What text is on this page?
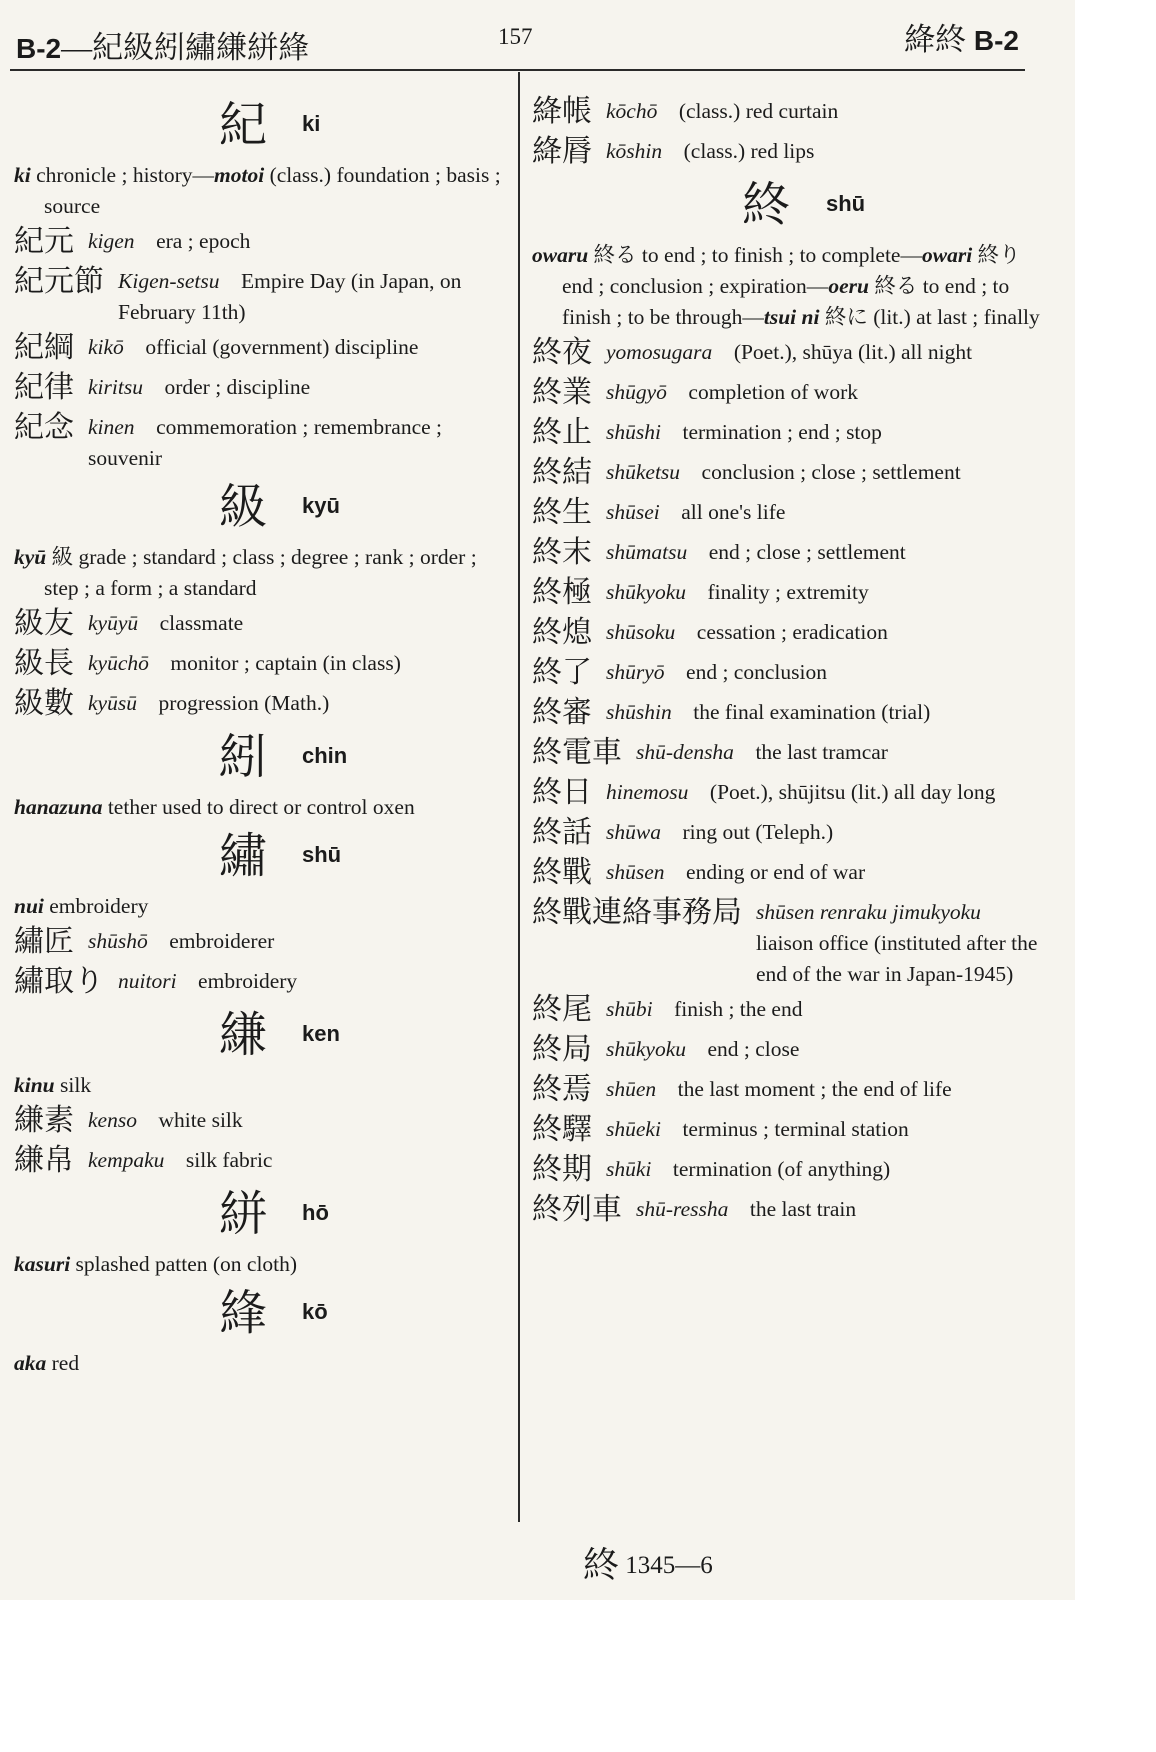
B-2—紀級紖繡縑絣綘	157	絳終 B-2
紀 ki
ki chronicle ; history—motoi (class.) foundation ; basis ; source
紀元 kigen  era ; epoch
紀元節 Kigen-setsu  Empire Day (in Japan, on February 11th)
紀綱 kikō  official (government) discipline
紀律 kiritsu  order ; discipline
紀念 kinen  commemoration ; remembrance ; souvenir
級 kyū
kyū 級 grade ; standard ; class ; degree ; rank ; order ; step ; a form ; a standard
級友 kyūyū  classmate
級長 kyūchō  monitor ; captain (in class)
級數 kyūsū  progression (Math.)
紖 chin
hanazuna tether used to direct or control oxen
繡 shū
nui embroidery
繡匠 shūshō  embroiderer
繡取り nuitori  embroidery
縑 ken
kinu silk
縑素 kenso  white silk
縑帛 kempaku  silk fabric
絣 hō
kasuri splashed patten (on cloth)
綘 kō
aka red
絳帳 kōchō  (class.) red curtain
絳脣 kōshin  (class.) red lips
終 shū
owaru 終る to end ; to finish ; to complete—owari 終り end ; conclusion ; expiration—oeru 終る to end ; to finish ; to be through—tsui ni 終に (lit.) at last ; finally
終夜 yomosugara  (Poet.), shūya (lit.) all night
終業 shūgyō  completion of work
終止 shūshi  termination ; end ; stop
終結 shūketsu  conclusion ; close ; settlement
終生 shūsei  all one's life
終末 shūmatsu  end ; close ; settlement
終極 shūkyoku  finality ; extremity
終熄 shūsoku  cessation ; eradication
終了 shūryō  end ; conclusion
終審 shūshin  the final examination (trial)
終電車 shū-densha  the last tramcar
終日 hinemosu  (Poet.), shūjitsu (lit.) all day long
終話 shūwa  ring out (Teleph.)
終戰 shūsen  ending or end of war
終戰連絡事務局 shūsen renraku jimukyoku liaison office (instituted after the end of the war in Japan-1945)
終尾 shūbi  finish ; the end
終局 shūkyoku  end ; close
終焉 shūen  the last moment ; the end of life
終驛 shūeki  terminus ; terminal station
終期 shūki  termination (of anything)
終列車 shū-ressha  the last train
終 1345—6
